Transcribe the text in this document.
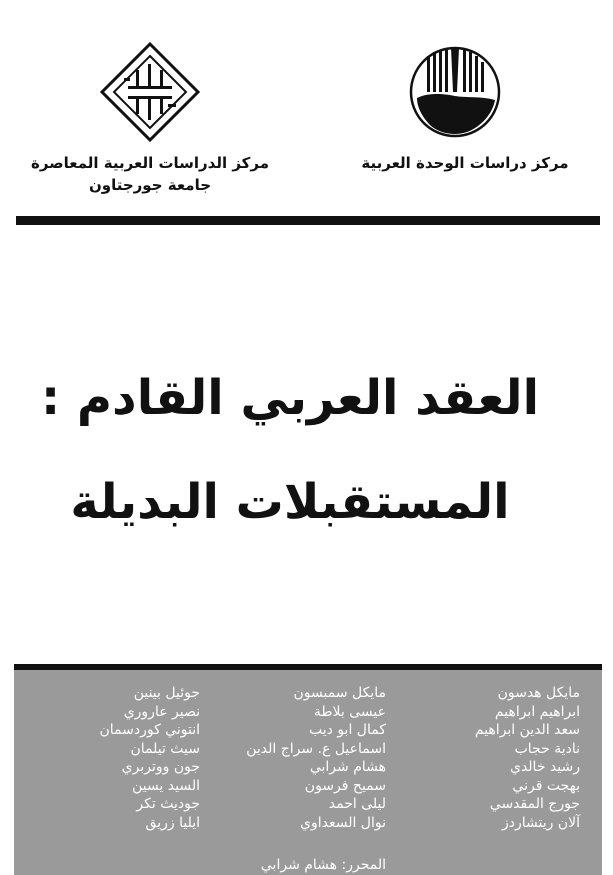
مركز الدراسات العربية المعاصرة
جامعة جورجتاون
مركز دراسات الوحدة العربية
العقد العربي القادم :
المستقبلات البديلة
مايكل هدسون
ابراهيم ابراهيم
سعد الدين ابراهيم
نادية حجاب
رشيد خالدي
بهجت قرني
جورج المقدسي
آلان ريتشاردز
مايكل سمبسون
عيسى بلاطة
كمال ابو ديب
اسماعيل ع. سراج الدين
هشام شرابي
سميح فرسون
ليلى احمد
نوال السعداوي
جوئيل بينين
نصير عاروري
انتوني كوردسمان
سيث تيلمان
جون ووتربري
السيد يسين
جوديث تكر
ايليا زريق
المحرر: هشام شرابي
